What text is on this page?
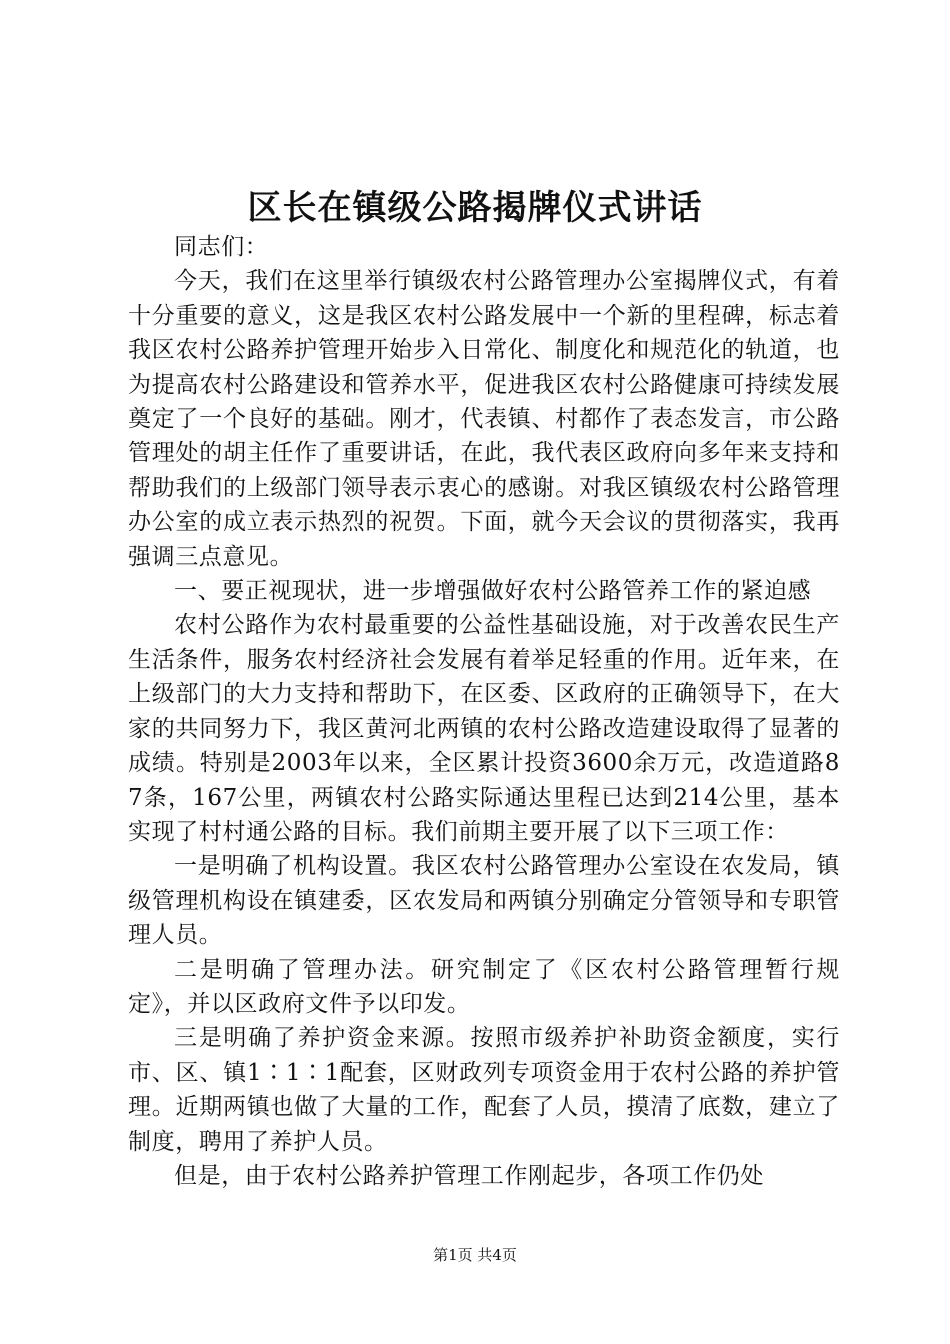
区长在镇级公路揭牌仪式讲话

同志们：

今天，我们在这里举行镇级农村公路管理办公室揭牌仪式，有着十分重要的意义，这是我区农村公路发展中一个新的里程碑，标志着我区农村公路养护管理开始步入日常化、制度化和规范化的轨道，也为提高农村公路建设和管养水平，促进我区农村公路健康可持续发展奠定了一个良好的基础。刚才，代表镇、村都作了表态发言，市公路管理处的胡主任作了重要讲话，在此，我代表区政府向多年来支持和帮助我们的上级部门领导表示衷心的感谢。对我区镇级农村公路管理办公室的成立表示热烈的祝贺。下面，就今天会议的贯彻落实，我再强调三点意见。

一、要正视现状，进一步增强做好农村公路管养工作的紧迫感

农村公路作为农村最重要的公益性基础设施，对于改善农民生产生活条件，服务农村经济社会发展有着举足轻重的作用。近年来，在上级部门的大力支持和帮助下，在区委、区政府的正确领导下，在大家的共同努力下，我区黄河北两镇的农村公路改造建设取得了显著的成绩。特别是2003年以来，全区累计投资3600余万元，改造道路87条，167公里，两镇农村公路实际通达里程已达到214公里，基本实现了村村通公路的目标。我们前期主要开展了以下三项工作：

一是明确了机构设置。我区农村公路管理办公室设在农发局，镇级管理机构设在镇建委，区农发局和两镇分别确定分管领导和专职管理人员。

二是明确了管理办法。研究制定了《区农村公路管理暂行规定》，并以区政府文件予以印发。

三是明确了养护资金来源。按照市级养护补助资金额度，实行市、区、镇1∶1∶1配套，区财政列专项资金用于农村公路的养护管理。近期两镇也做了大量的工作，配套了人员，摸清了底数，建立了制度，聘用了养护人员。

但是，由于农村公路养护管理工作刚起步，各项工作仍处

第1页 共4页
